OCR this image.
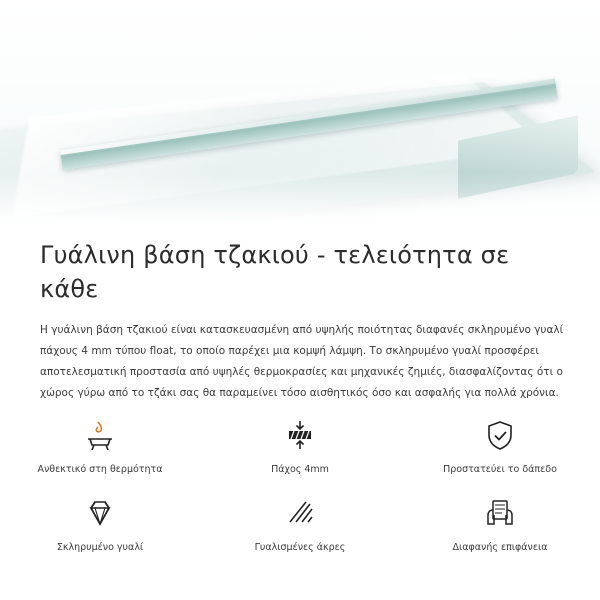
Γυάλινη βάση τζακιού - τελειότητα σε κάθε

Η γυάλινη βάση τζακιού είναι κατασκευασμένη από υψηλής ποιότητας διαφανές σκληρυμένο γυαλί πάχους 4 mm τύπου float, το οποίο παρέχει μια κομψή λάμψη. Το σκληρυμένο γυαλί προσφέρει αποτελεσματική προστασία από υψηλές θερμοκρασίες και μηχανικές ζημιές, διασφαλίζοντας ότι ο χώρος γύρω από το τζάκι σας θα παραμείνει τόσο αισθητικός όσο και ασφαλής για πολλά χρόνια.

Ανθεκτικό στη θερμότητα	Πάχος 4mm	Προστατεύει το δάπεδο
Σκληρυμένο γυαλί	Γυαλισμένες άκρες	Διαφανής επιφάνεια
